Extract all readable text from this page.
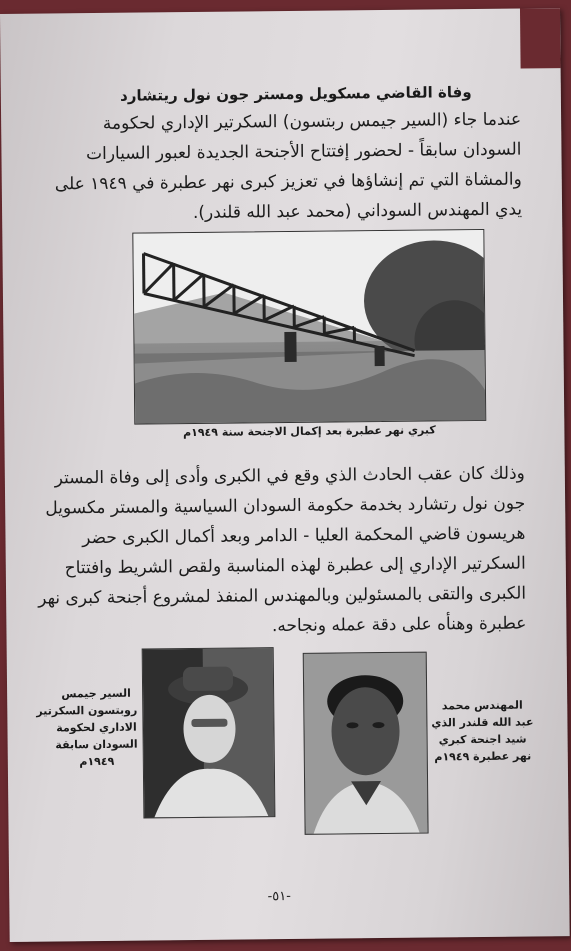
وفاة القاضي مسكويل ومستر جون نول ريتشارد
عندما جاء (السير جيمس ربتسون) السكرتير الإداري لحكومة
السودان سابقاً - لحضور إفتتاح الأجنحة الجديدة لعبور السيارات
والمشاة التي تم إنشاؤها في تعزيز كبرى نهر عطبرة في ١٩٤٩ على
يدي المهندس السوداني (محمد عبد الله قلندر).
كبري نهر عطبرة بعد إكمال الاجنحة سنة ١٩٤٩م
وذلك كان عقب الحادث الذي وقع في الكبرى وأدى إلى وفاة المستر
جون نول رتشارد بخدمة حكومة السودان السياسية والمستر مكسويل
هريسون قاضي المحكمة العليا - الدامر وبعد أكمال الكبرى حضر
السكرتير الإداري إلى عطبرة لهذه المناسبة ولقص الشريط وافتتاح
الكبرى والتقى بالمسئولين وبالمهندس المنفذ لمشروع أجنحة كبرى نهر
عطبرة وهنأه على دقة عمله ونجاحه.
السير جيمس
روبتسون السكرتير
الاداري لحكومة
السودان سابقة
١٩٤٩م
المهندس محمد
عبد الله قلندر الذي
شيد اجنحة كبري
نهر عطبرة ١٩٤٩م
-٥١-
